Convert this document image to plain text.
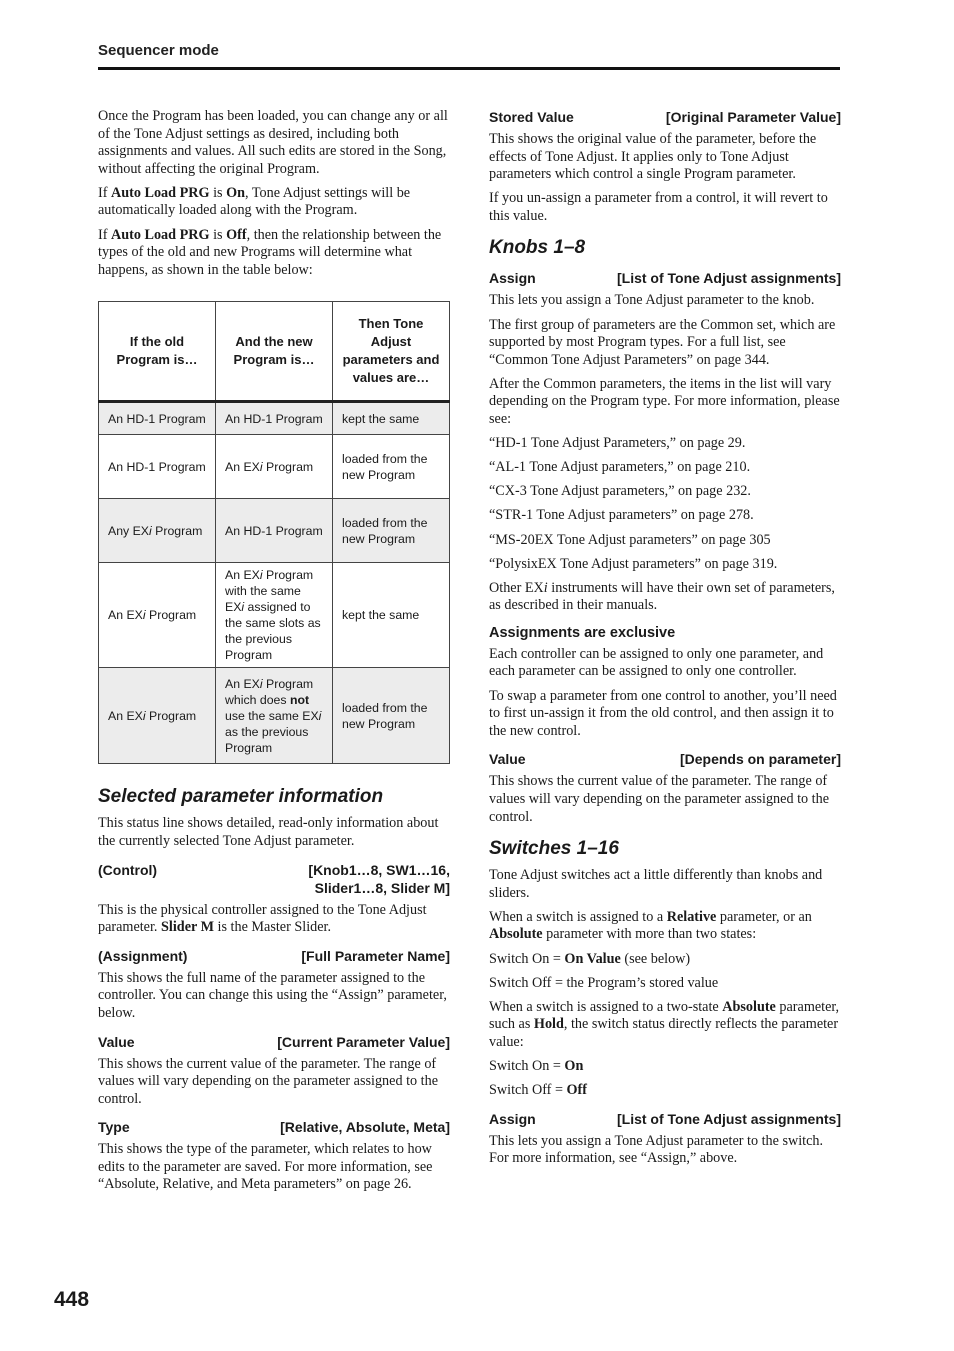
Sequencer mode

Once the Program has been loaded, you can change any or all of the Tone Adjust settings as desired, including both assignments and values. All such edits are stored in the Song, without affecting the original Program.

If Auto Load PRG is On, Tone Adjust settings will be automatically loaded along with the Program.

If Auto Load PRG is Off, then the relationship between the types of the old and new Programs will determine what happens, as shown in the table below:

If the old Program is…	And the new Program is…	Then Tone Adjust parameters and values are…
An HD-1 Program	An HD-1 Program	kept the same
An HD-1 Program	An EXi Program	loaded from the new Program
Any EXi Program	An HD-1 Program	loaded from the new Program
An EXi Program	An EXi Program with the same EXi assigned to the same slots as the previous Program	kept the same
An EXi Program	An EXi Program which does not use the same EXi as the previous Program	loaded from the new Program
Selected parameter information

This status line shows detailed, read-only information about the currently selected Tone Adjust parameter.

(Control)	[Knob1…8, SW1…16,
Slider1…8, Slider M]

This is the physical controller assigned to the Tone Adjust parameter. Slider M is the Master Slider.

(Assignment)	[Full Parameter Name]

This shows the full name of the parameter assigned to the controller. You can change this using the “Assign” parameter, below.

Value	[Current Parameter Value]

This shows the current value of the parameter. The range of values will vary depending on the parameter assigned to the control.

Type	[Relative, Absolute, Meta]

This shows the type of the parameter, which relates to how edits to the parameter are saved. For more information, see “Absolute, Relative, and Meta parameters” on page 26.

Stored Value	[Original Parameter Value]

This shows the original value of the parameter, before the effects of Tone Adjust. It applies only to Tone Adjust parameters which control a single Program parameter.

If you un-assign a parameter from a control, it will revert to this value.

Knobs 1–8
Assign	[List of Tone Adjust assignments]

This lets you assign a Tone Adjust parameter to the knob.

The first group of parameters are the Common set, which are supported by most Program types. For a full list, see “Common Tone Adjust Parameters” on page 344.

After the Common parameters, the items in the list will vary depending on the Program type. For more information, please see:

“HD-1 Tone Adjust Parameters,” on page 29.

“AL-1 Tone Adjust parameters,” on page 210.

“CX-3 Tone Adjust parameters,” on page 232.

“STR-1 Tone Adjust parameters” on page 278.

“MS-20EX Tone Adjust parameters” on page 305

“PolysixEX Tone Adjust parameters” on page 319.

Other EXi instruments will have their own set of parameters, as described in their manuals.

Assignments are exclusive

Each controller can be assigned to only one parameter, and each parameter can be assigned to only one controller.

To swap a parameter from one control to another, you’ll need to first un-assign it from the old control, and then assign it to the new control.

Value	[Depends on parameter]

This shows the current value of the parameter. The range of values will vary depending on the parameter assigned to the control.

Switches 1–16

Tone Adjust switches act a little differently than knobs and sliders.

When a switch is assigned to a Relative parameter, or an Absolute parameter with more than two states:

Switch On = On Value (see below)

Switch Off = the Program’s stored value

When a switch is assigned to a two-state Absolute parameter, such as Hold, the switch status directly reflects the parameter value:

Switch On = On

Switch Off = Off

Assign	[List of Tone Adjust assignments]

This lets you assign a Tone Adjust parameter to the switch. For more information, see “Assign,” above.

448
